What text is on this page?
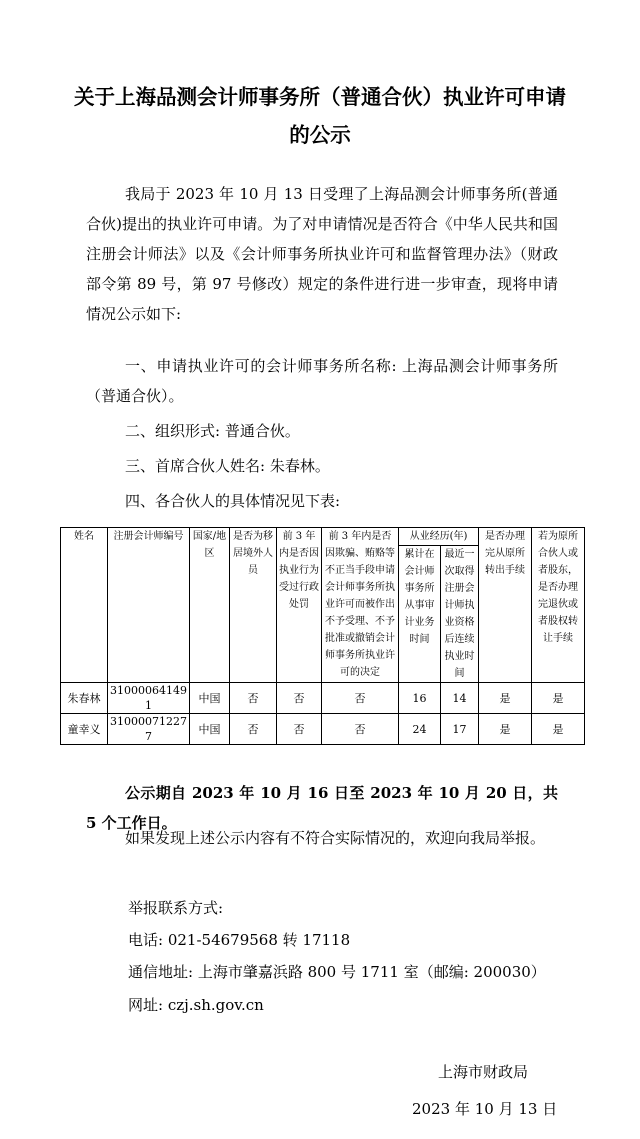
关于上海品测会计师事务所（普通合伙）执业许可申请的公示

我局于 2023 年 10 月 13 日受理了上海品测会计师事务所(普通合伙)提出的执业许可申请。为了对申请情况是否符合《中华人民共和国注册会计师法》以及《会计师事务所执业许可和监督管理办法》（财政部令第 89 号，第 97 号修改）规定的条件进行进一步审查，现将申请情况公示如下:

一、申请执业许可的会计师事务所名称: 上海品测会计师事务所（普通合伙）。

二、组织形式: 普通合伙。

三、首席合伙人姓名: 朱春林。

四、各合伙人的具体情况见下表:

姓名	注册会计师编号	国家/地区	是否为移居境外人员	前 3 年内是否因执业行为受过行政处罚	前 3 年内是否因欺骗、贿赂等不正当手段申请会计师事务所执业许可而被作出不予受理、不予批准或撤销会计师事务所执业许可的决定	从业经历(年)		是否办理完从原所转出手续	若为原所合伙人或者股东，是否办理完退伙或者股权转让手续
						累计在会计师事务所从事审计业务时间	最近一次取得注册会计师执业资格后连续执业时间		
朱春林	310000641491	中国	否	否	否	16	14	是	是
童幸义	310000712277	中国	否	否	否	24	17	是	是

公示期自 2023 年 10 月 16 日至 2023 年 10 月 20 日，共 5 个工作日。

如果发现上述公示内容有不符合实际情况的，欢迎向我局举报。

举报联系方式:
电话: 021-54679568 转 17118
通信地址: 上海市肇嘉浜路 800 号 1711 室（邮编: 200030）
网址: czj.sh.gov.cn
上海市财政局
2023 年 10 月 13 日
